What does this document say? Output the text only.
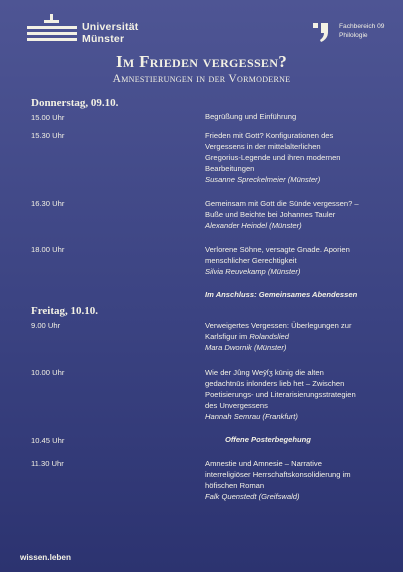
Universität
Münster
Fachbereich 09
Philologie
Im Frieden vergessen?
Amnestierungen in der Vormoderne
Donnerstag, 09.10.
15.00 Uhr	Begrüßung und Einführung
15.30 Uhr	Frieden mit Gott? Konfigurationen des
Vergessens in der mittelalterlichen
Gregorius-Legende und ihren modernen
Bearbeitungen
Susanne Spreckelmeier (Münster)
16.30 Uhr	Gemeinsam mit Gott die Sünde vergessen? –
Buße und Beichte bei Johannes Tauler
Alexander Heindel (Münster)
18.00 Uhr	Verlorene Söhne, versagte Gnade. Aporien
menschlicher Gerechtigkeit
Silvia Reuvekamp (Münster)
Im Anschluss: Gemeinsames Abendessen
Freitag, 10.10.
9.00 Uhr	Verweigertes Vergessen: Überlegungen zur
Karlsfigur im Rolandslied
Mara Dwornik (Münster)
10.00 Uhr	Wie der Jûng Weȳſʒ kūnig die alten
gedachtnūs inlonders lieb het – Zwischen
Poetisierungs- und Literarisierungsstrategien
des Unvergessens
Hannah Semrau (Frankfurt)
10.45 Uhr	Offene Posterbegehung
11.30 Uhr	Amnestie und Amnesie – Narrative
interreligiöser Herrschaftskonsolidierung im
höfischen Roman
Falk Quenstedt (Greifswald)
wissen.leben
